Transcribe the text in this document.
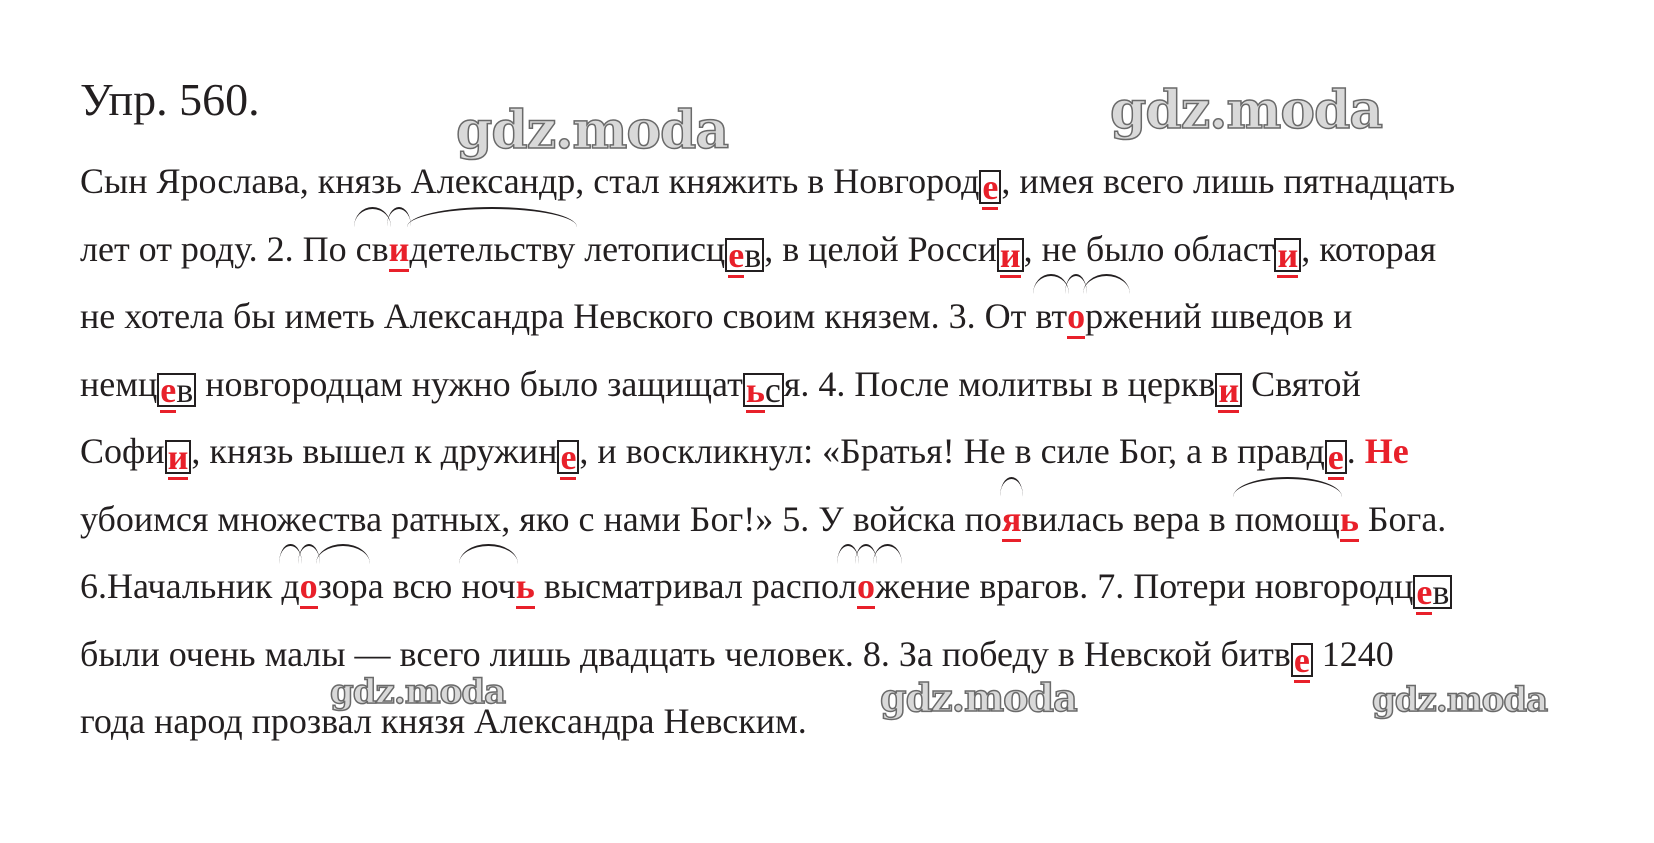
Упр. 560.
Сын Ярослава, князь Александр, стал княжить в Новгороде, имея всего лишь пятнадцать
лет от роду. 2. По свидетельству летописцев, в целой России, не было области, которая
не хотела бы иметь Александра Невского своим князем. 3. От вторжений шведов и
немцев новгородцам нужно было защищаться. 4. После молитвы в церкви Святой
Софии, князь вышел к дружине, и воскликнул: «Братья! Не в силе Бог, а в правде. Не
убоимся множества ратных, яко с нами Бог!» 5. У войска появилась вера в помощь Бога.
6.Начальник дозора всю ночь высматривал расположение врагов. 7. Потери новгородцев
были очень малы — всего лишь двадцать человек. 8. За победу в Невской битве 1240
года народ прозвал князя Александра Невским.
gdz.moda	gdz.moda
gdz.moda	gdz.moda	gdz.moda
